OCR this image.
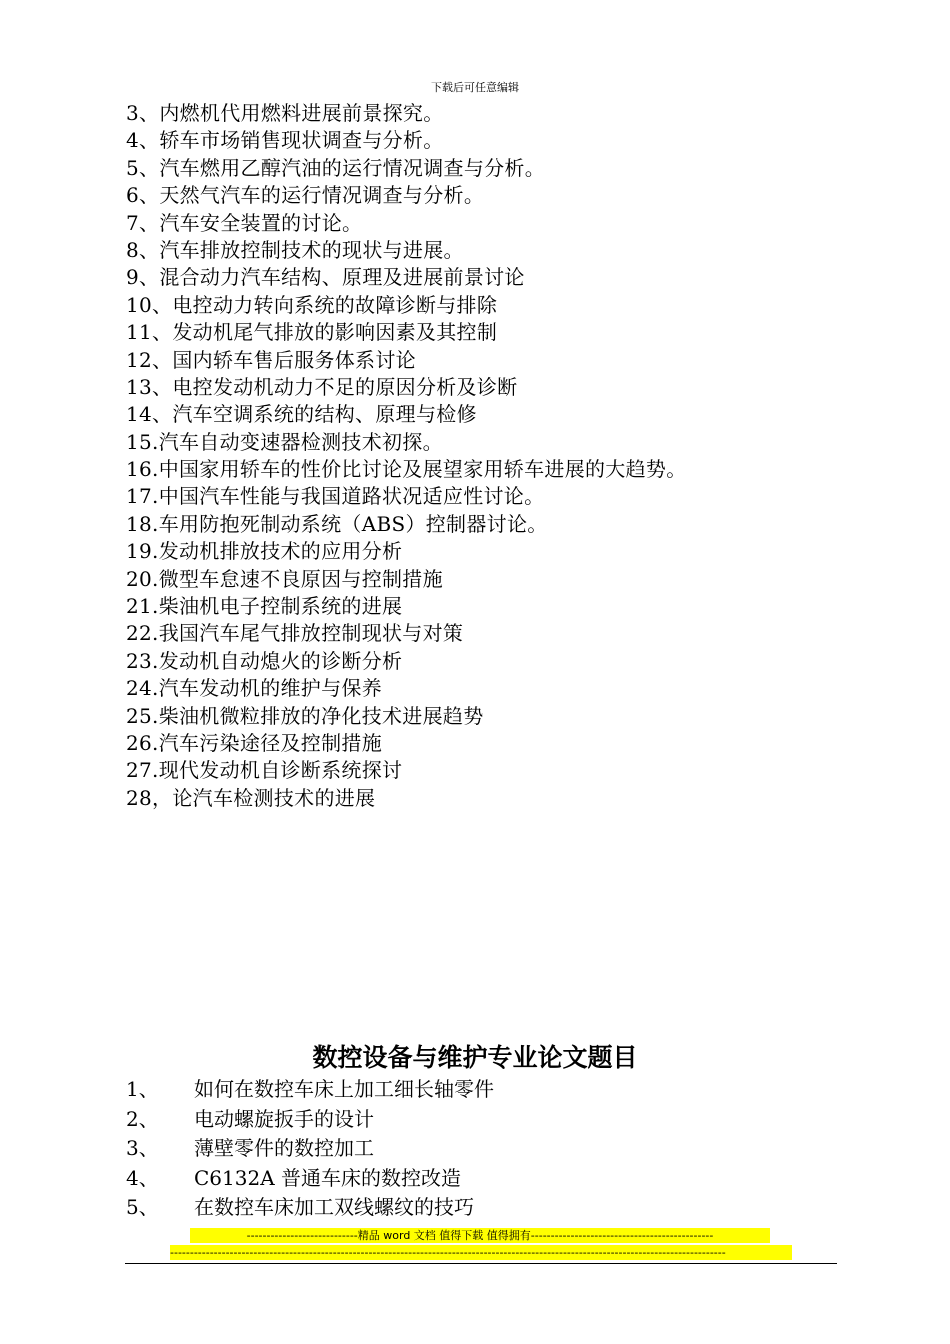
下载后可任意编辑
3、内燃机代用燃料进展前景探究。
4、轿车市场销售现状调查与分析。
5、汽车燃用乙醇汽油的运行情况调查与分析。
6、天然气汽车的运行情况调查与分析。
7、汽车安全装置的讨论。
8、汽车排放控制技术的现状与进展。
9、混合动力汽车结构、原理及进展前景讨论
10、电控动力转向系统的故障诊断与排除
11、发动机尾气排放的影响因素及其控制
12、国内轿车售后服务体系讨论
13、电控发动机动力不足的原因分析及诊断
14、汽车空调系统的结构、原理与检修
15.汽车自动变速器检测技术初探。
16.中国家用轿车的性价比讨论及展望家用轿车进展的大趋势。
17.中国汽车性能与我国道路状况适应性讨论。
18.车用防抱死制动系统（ABS）控制器讨论。
19.发动机排放技术的应用分析
20.微型车怠速不良原因与控制措施
21.柴油机电子控制系统的进展
22.我国汽车尾气排放控制现状与对策
23.发动机自动熄火的诊断分析
24.汽车发动机的维护与保养
25.柴油机微粒排放的净化技术进展趋势
26.汽车污染途径及控制措施
27.现代发动机自诊断系统探讨
28，论汽车检测技术的进展
数控设备与维护专业论文题目
1、 如何在数控车床上加工细长轴零件
2、 电动螺旋扳手的设计
3、 薄壁零件的数控加工
4、 C6132A 普通车床的数控改造
5、 在数控车床加工双线螺纹的技巧
----------------------------精品 word 文档 值得下载 值得拥有----------------------------------------------
--------------------------------------------------------------------------------------------------------------------------------------------
